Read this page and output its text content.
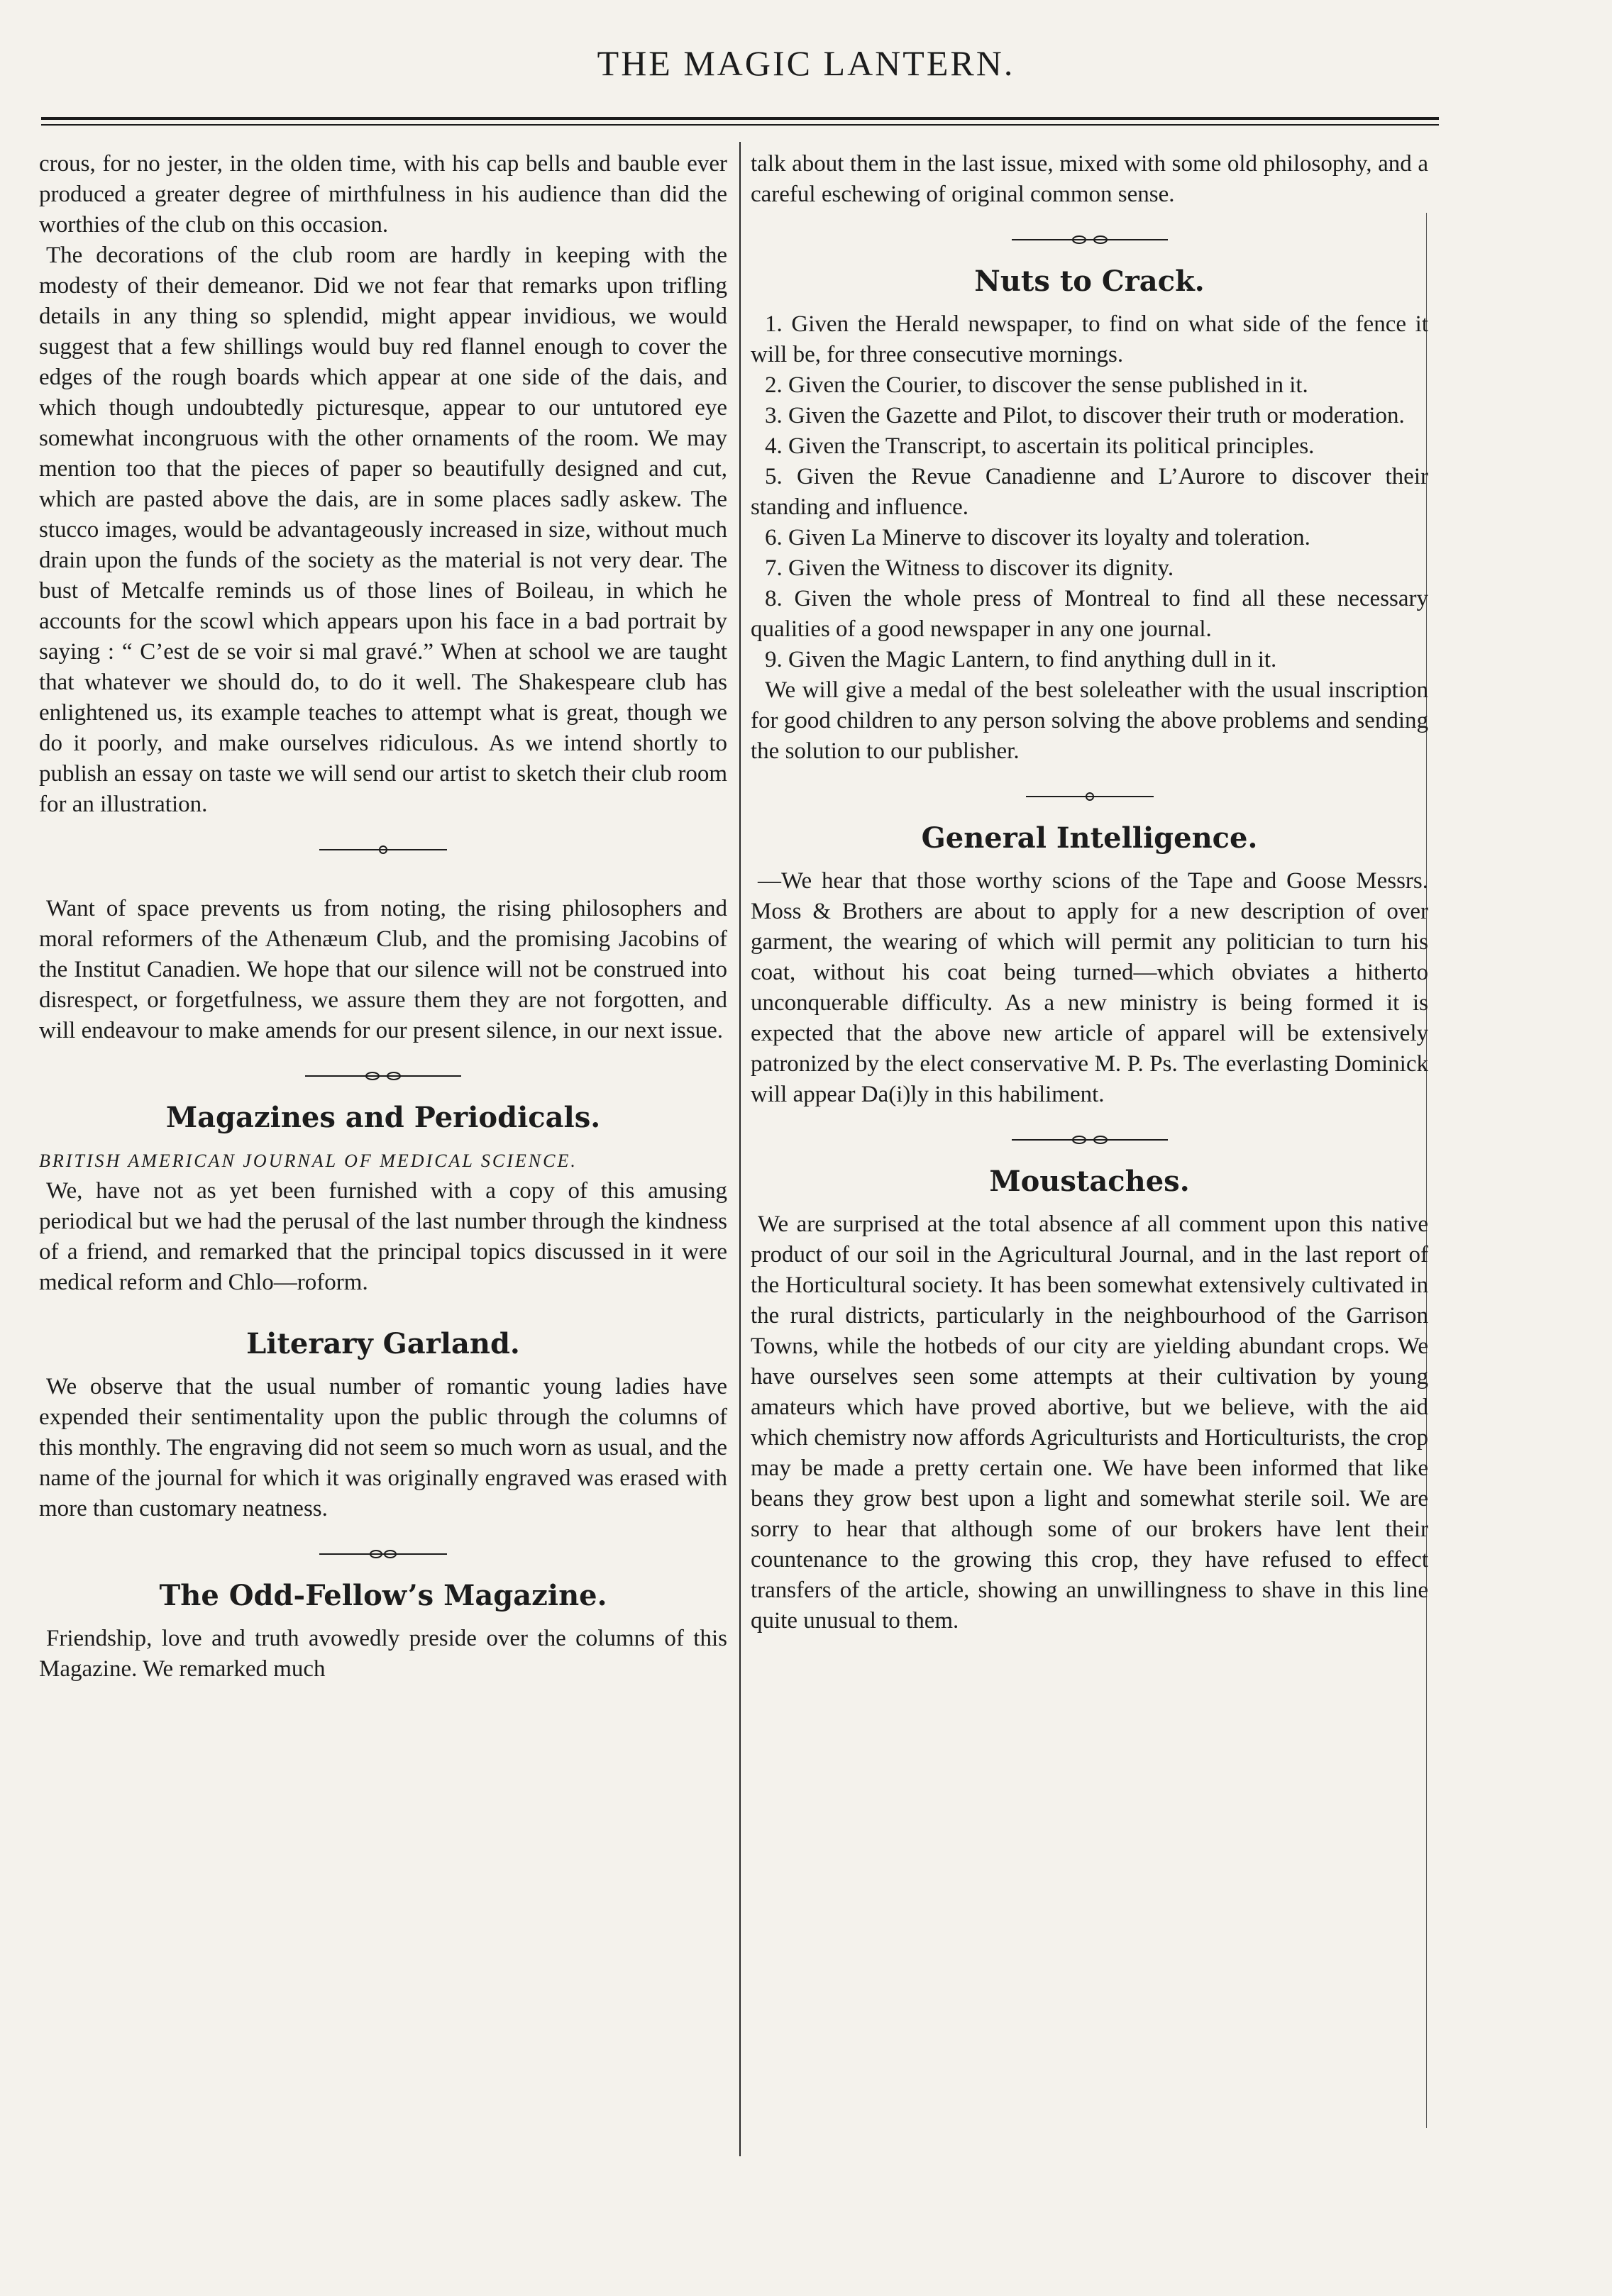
THE MAGIC LANTERN.

crous, for no jester, in the olden time, with his cap bells and bauble ever produced a greater degree of mirthfulness in his audience than did the worthies of the club on this occasion.

The decorations of the club room are hardly in keeping with the modesty of their demeanor. Did we not fear that remarks upon trifling details in any thing so splendid, might appear invidious, we would suggest that a few shillings would buy red flannel enough to cover the edges of the rough boards which appear at one side of the dais, and which though undoubtedly picturesque, appear to our untutored eye somewhat incongruous with the other ornaments of the room. We may mention too that the pieces of paper so beautifully designed and cut, which are pasted above the dais, are in some places sadly askew. The stucco images, would be advantageously increased in size, without much drain upon the funds of the society as the material is not very dear. The bust of Metcalfe reminds us of those lines of Boileau, in which he accounts for the scowl which appears upon his face in a bad portrait by saying : “ C’est de se voir si mal gravé.” When at school we are taught that whatever we should do, to do it well. The Shakespeare club has enlightened us, its example teaches to attempt what is great, though we do it poorly, and make ourselves ridiculous. As we intend shortly to publish an essay on taste we will send our artist to sketch their club room for an illustration.

Want of space prevents us from noting, the rising philosophers and moral reformers of the Athenæum Club, and the promising Jacobins of the Institut Canadien. We hope that our silence will not be construed into disrespect, or forgetfulness, we assure them they are not forgotten, and will endeavour to make amends for our present silence, in our next issue.

Magazines and Periodicals.

BRITISH AMERICAN JOURNAL OF MEDICAL SCIENCE.

We, have not as yet been furnished with a copy of this amusing periodical but we had the perusal of the last number through the kindness of a friend, and remarked that the principal topics discussed in it were medical reform and Chlo—roform.

Literary Garland.

We observe that the usual number of romantic young ladies have expended their sentimentality upon the public through the columns of this monthly. The engraving did not seem so much worn as usual, and the name of the journal for which it was originally engraved was erased with more than customary neatness.

The Odd-Fellow’s Magazine.

Friendship, love and truth avowedly preside over the columns of this Magazine. We remarked much

talk about them in the last issue, mixed with some old philosophy, and a careful eschewing of original common sense.

Nuts to Crack.

1. Given the Herald newspaper, to find on what side of the fence it will be, for three consecutive mornings.

2. Given the Courier, to discover the sense published in it.

3. Given the Gazette and Pilot, to discover their truth or moderation.

4. Given the Transcript, to ascertain its political principles.

5. Given the Revue Canadienne and L’Aurore to discover their standing and influence.

6. Given La Minerve to discover its loyalty and toleration.

7. Given the Witness to discover its dignity.

8. Given the whole press of Montreal to find all these necessary qualities of a good newspaper in any one journal.

9. Given the Magic Lantern, to find anything dull in it.

We will give a medal of the best soleleather with the usual inscription for good children to any person solving the above problems and sending the solution to our publisher.

General Intelligence.

—We hear that those worthy scions of the Tape and Goose Messrs. Moss & Brothers are about to apply for a new description of over garment, the wearing of which will permit any politician to turn his coat, without his coat being turned—which obviates a hitherto unconquerable difficulty. As a new ministry is being formed it is expected that the above new article of apparel will be extensively patronized by the elect conservative M. P. Ps. The everlasting Dominick will appear Da(i)ly in this habiliment.

Moustaches.

We are surprised at the total absence af all comment upon this native product of our soil in the Agricultural Journal, and in the last report of the Horticultural society. It has been somewhat extensively cultivated in the rural districts, particularly in the neighbourhood of the Garrison Towns, while the hotbeds of our city are yielding abundant crops. We have ourselves seen some attempts at their cultivation by young amateurs which have proved abortive, but we believe, with the aid which chemistry now affords Agriculturists and Horticulturists, the crop may be made a pretty certain one. We have been informed that like beans they grow best upon a light and somewhat sterile soil. We are sorry to hear that although some of our brokers have lent their countenance to the growing this crop, they have refused to effect transfers of the article, showing an unwillingness to shave in this line quite unusual to them.
